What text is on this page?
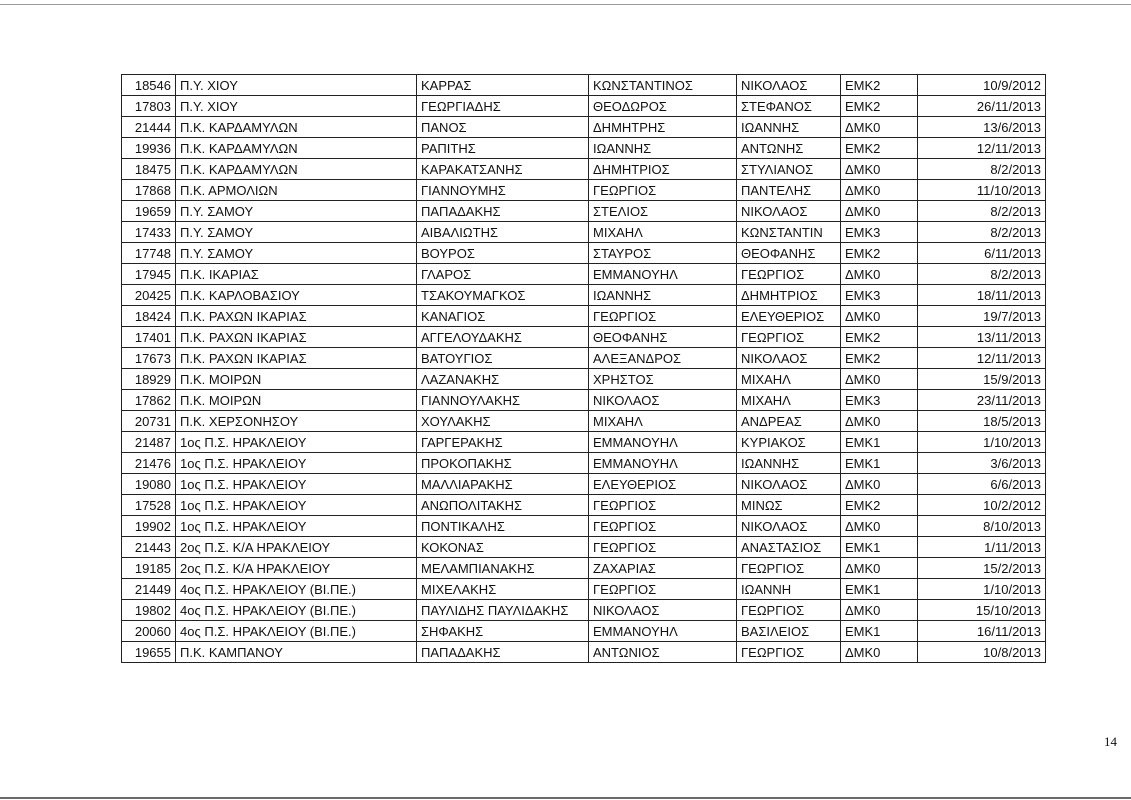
18546	Π.Υ. ΧΙΟΥ	ΚΑΡΡΑΣ	ΚΩΝΣΤΑΝΤΙΝΟΣ	ΝΙΚΟΛΑΟΣ	ΕΜΚ2	10/9/2012
17803	Π.Υ. ΧΙΟΥ	ΓΕΩΡΓΙΑΔΗΣ	ΘΕΟΔΩΡΟΣ	ΣΤΕΦΑΝΟΣ	ΕΜΚ2	26/11/2013
21444	Π.Κ. ΚΑΡΔΑΜΥΛΩΝ	ΠΑΝΟΣ	ΔΗΜΗΤΡΗΣ	ΙΩΑΝΝΗΣ	ΔΜΚ0	13/6/2013
19936	Π.Κ. ΚΑΡΔΑΜΥΛΩΝ	ΡΑΠΙΤΗΣ	ΙΩΑΝΝΗΣ	ΑΝΤΩΝΗΣ	ΕΜΚ2	12/11/2013
18475	Π.Κ. ΚΑΡΔΑΜΥΛΩΝ	ΚΑΡΑΚΑΤΣΑΝΗΣ	ΔΗΜΗΤΡΙΟΣ	ΣΤΥΛΙΑΝΟΣ	ΔΜΚ0	8/2/2013
17868	Π.Κ. ΑΡΜΟΛΙΩΝ	ΓΙΑΝΝΟΥΜΗΣ	ΓΕΩΡΓΙΟΣ	ΠΑΝΤΕΛΗΣ	ΔΜΚ0	11/10/2013
19659	Π.Υ. ΣΑΜΟΥ	ΠΑΠΑΔΑΚΗΣ	ΣΤΕΛΙΟΣ	ΝΙΚΟΛΑΟΣ	ΔΜΚ0	8/2/2013
17433	Π.Υ. ΣΑΜΟΥ	ΑΙΒΑΛΙΩΤΗΣ	ΜΙΧΑΗΛ	ΚΩΝΣΤΑΝΤΙΝ	ΕΜΚ3	8/2/2013
17748	Π.Υ. ΣΑΜΟΥ	ΒΟΥΡΟΣ	ΣΤΑΥΡΟΣ	ΘΕΟΦΑΝΗΣ	ΕΜΚ2	6/11/2013
17945	Π.Κ. ΙΚΑΡΙΑΣ	ΓΛΑΡΟΣ	ΕΜΜΑΝΟΥΗΛ	ΓΕΩΡΓΙΟΣ	ΔΜΚ0	8/2/2013
20425	Π.Κ. ΚΑΡΛΟΒΑΣΙΟΥ	ΤΣΑΚΟΥΜΑΓΚΟΣ	ΙΩΑΝΝΗΣ	ΔΗΜΗΤΡΙΟΣ	ΕΜΚ3	18/11/2013
18424	Π.Κ. ΡΑΧΩΝ ΙΚΑΡΙΑΣ	ΚΑΝΑΓΙΟΣ	ΓΕΩΡΓΙΟΣ	ΕΛΕΥΘΕΡΙΟΣ	ΔΜΚ0	19/7/2013
17401	Π.Κ. ΡΑΧΩΝ ΙΚΑΡΙΑΣ	ΑΓΓΕΛΟΥΔΑΚΗΣ	ΘΕΟΦΑΝΗΣ	ΓΕΩΡΓΙΟΣ	ΕΜΚ2	13/11/2013
17673	Π.Κ. ΡΑΧΩΝ ΙΚΑΡΙΑΣ	ΒΑΤΟΥΓΙΟΣ	ΑΛΕΞΑΝΔΡΟΣ	ΝΙΚΟΛΑΟΣ	ΕΜΚ2	12/11/2013
18929	Π.Κ. ΜΟΙΡΩΝ	ΛΑΖΑΝΑΚΗΣ	ΧΡΗΣΤΟΣ	ΜΙΧΑΗΛ	ΔΜΚ0	15/9/2013
17862	Π.Κ. ΜΟΙΡΩΝ	ΓΙΑΝΝΟΥΛΑΚΗΣ	ΝΙΚΟΛΑΟΣ	ΜΙΧΑΗΛ	ΕΜΚ3	23/11/2013
20731	Π.Κ. ΧΕΡΣΟΝΗΣΟΥ	ΧΟΥΛΑΚΗΣ	ΜΙΧΑΗΛ	ΑΝΔΡΕΑΣ	ΔΜΚ0	18/5/2013
21487	1ος Π.Σ. ΗΡΑΚΛΕΙΟΥ	ΓΑΡΓΕΡΑΚΗΣ	ΕΜΜΑΝΟΥΗΛ	ΚΥΡΙΑΚΟΣ	ΕΜΚ1	1/10/2013
21476	1ος Π.Σ. ΗΡΑΚΛΕΙΟΥ	ΠΡΟΚΟΠΑΚΗΣ	ΕΜΜΑΝΟΥΗΛ	ΙΩΑΝΝΗΣ	ΕΜΚ1	3/6/2013
19080	1ος Π.Σ. ΗΡΑΚΛΕΙΟΥ	ΜΑΛΛΙΑΡΑΚΗΣ	ΕΛΕΥΘΕΡΙΟΣ	ΝΙΚΟΛΑΟΣ	ΔΜΚ0	6/6/2013
17528	1ος Π.Σ. ΗΡΑΚΛΕΙΟΥ	ΑΝΩΠΟΛΙΤΑΚΗΣ	ΓΕΩΡΓΙΟΣ	ΜΙΝΩΣ	ΕΜΚ2	10/2/2012
19902	1ος Π.Σ. ΗΡΑΚΛΕΙΟΥ	ΠΟΝΤΙΚΑΛΗΣ	ΓΕΩΡΓΙΟΣ	ΝΙΚΟΛΑΟΣ	ΔΜΚ0	8/10/2013
21443	2ος Π.Σ. Κ/Α ΗΡΑΚΛΕΙΟΥ	ΚΟΚΟΝΑΣ	ΓΕΩΡΓΙΟΣ	ΑΝΑΣΤΑΣΙΟΣ	ΕΜΚ1	1/11/2013
19185	2ος Π.Σ. Κ/Α ΗΡΑΚΛΕΙΟΥ	ΜΕΛΑΜΠΙΑΝΑΚΗΣ	ΖΑΧΑΡΙΑΣ	ΓΕΩΡΓΙΟΣ	ΔΜΚ0	15/2/2013
21449	4ος Π.Σ. ΗΡΑΚΛΕΙΟΥ (ΒΙ.ΠΕ.)	ΜΙΧΕΛΑΚΗΣ	ΓΕΩΡΓΙΟΣ	ΙΩΑΝΝΗ	ΕΜΚ1	1/10/2013
19802	4ος Π.Σ. ΗΡΑΚΛΕΙΟΥ (ΒΙ.ΠΕ.)	ΠΑΥΛΙΔΗΣ ΠΑΥΛΙΔΑΚΗΣ	ΝΙΚΟΛΑΟΣ	ΓΕΩΡΓΙΟΣ	ΔΜΚ0	15/10/2013
20060	4ος Π.Σ. ΗΡΑΚΛΕΙΟΥ (ΒΙ.ΠΕ.)	ΣΗΦΑΚΗΣ	ΕΜΜΑΝΟΥΗΛ	ΒΑΣΙΛΕΙΟΣ	ΕΜΚ1	16/11/2013
19655	Π.Κ. ΚΑΜΠΑΝΟΥ	ΠΑΠΑΔΑΚΗΣ	ΑΝΤΩΝΙΟΣ	ΓΕΩΡΓΙΟΣ	ΔΜΚ0	10/8/2013
14
